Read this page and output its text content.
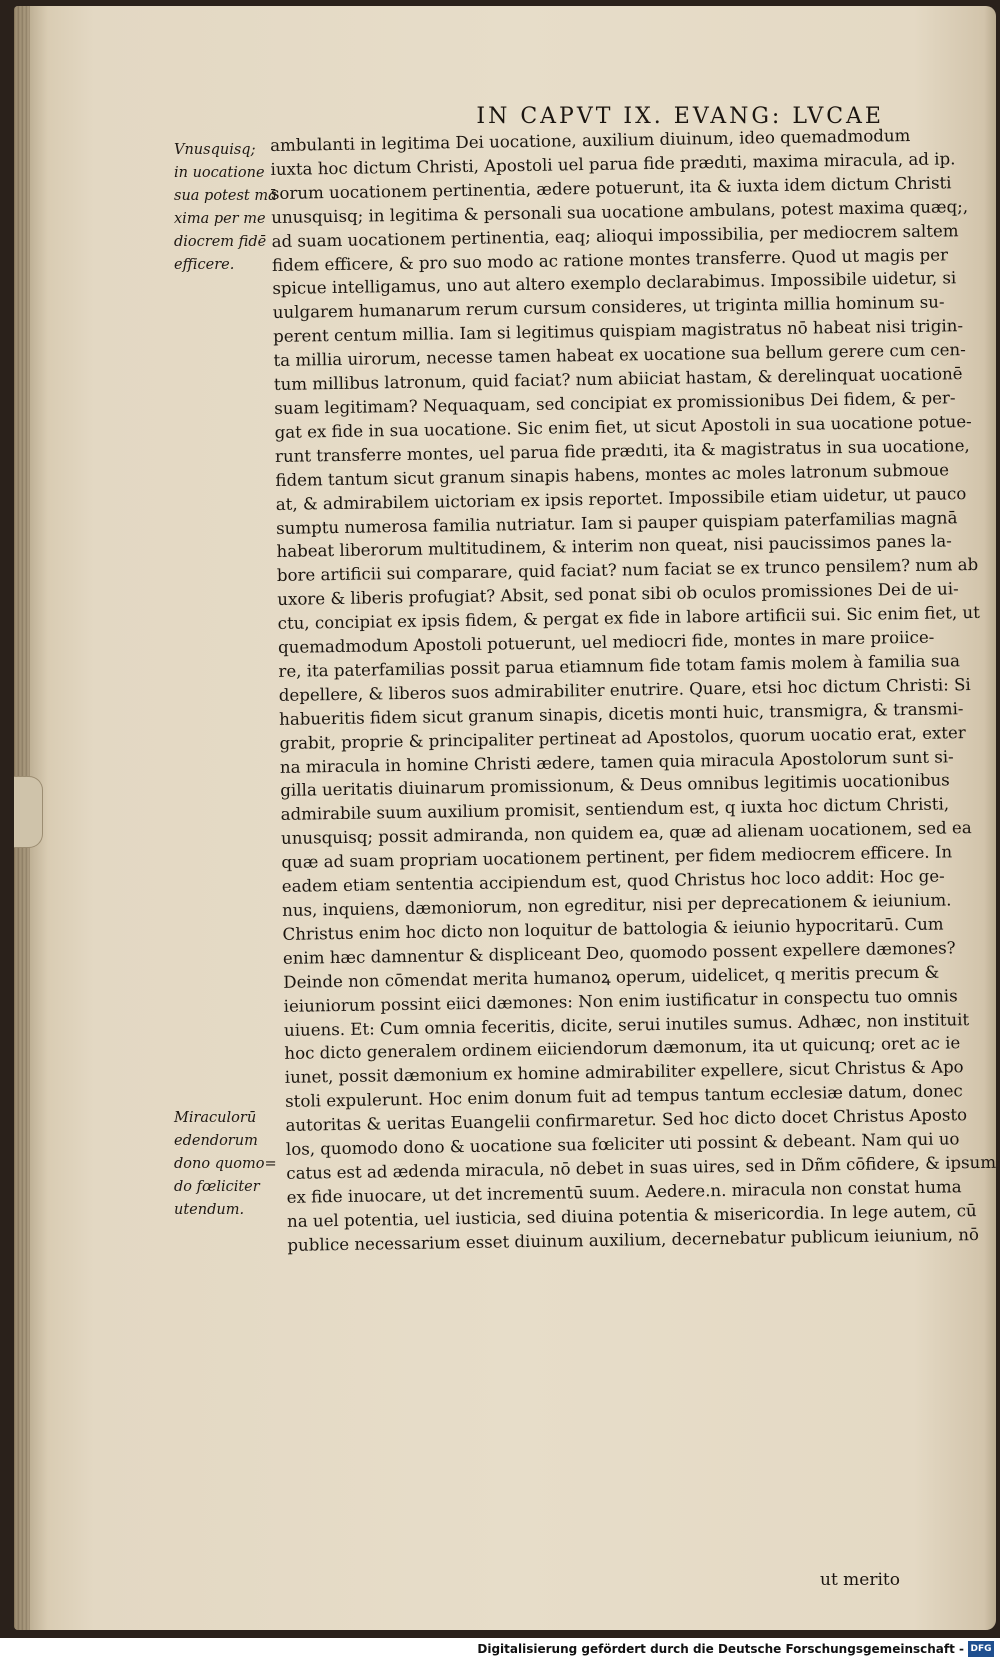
IN CAPVT IX. EVANG: LVCAE
Vnusquisq;
in uocatione
sua potest mā
xima per me
diocrem fidē
efficere.
Miraculorū
edendorum
dono quomo=
do fœliciter
utendum.
ambulanti in legitima Dei uocatione, auxilium diuinum, ideo quemadmodum
iuxta hoc dictum Christi, Apostoli uel parua fide prædıti, maxima miracula, ad ip.
sorum uocationem pertinentia, ædere potuerunt, ita & iuxta idem dictum Christi
unusquisq; in legitima & personali sua uocatione ambulans, potest maxima quæq;,
ad suam uocationem pertinentia, eaq; alioqui impossibilia, per mediocrem saltem
fidem efficere, & pro suo modo ac ratione montes transferre. Quod ut magis per
spicue intelligamus, uno aut altero exemplo declarabimus. Impossibile uidetur, si
uulgarem humanarum rerum cursum consideres, ut triginta millia hominum su-
perent centum millia. Iam si legitimus quispiam magistratus nō habeat nisi trigin-
ta millia uirorum, necesse tamen habeat ex uocatione sua bellum gerere cum cen-
tum millibus latronum, quid faciat? num abiiciat hastam, & derelinquat uocationē
suam legitimam? Nequaquam, sed concipiat ex promissionibus Dei fidem, & per-
gat ex fide in sua uocatione. Sic enim fiet, ut sicut Apostoli in sua uocatione potue-
runt transferre montes, uel parua fide prædıti, ita & magistratus in sua uocatione,
fidem tantum sicut granum sinapis habens, montes ac moles latronum submoue
at, & admirabilem uictoriam ex ipsis reportet. Impossibile etiam uidetur, ut pauco
sumptu numerosa familia nutriatur. Iam si pauper quispiam paterfamilias magnā
habeat liberorum multitudinem, & interim non queat, nisi paucissimos panes la-
bore artificii sui comparare, quid faciat? num faciat se ex trunco pensilem? num ab
uxore & liberis profugiat? Absit, sed ponat sibi ob oculos promissiones Dei de ui-
ctu, concipiat ex ipsis fidem, & pergat ex fide in labore artificii sui. Sic enim fiet, ut
quemadmodum Apostoli potuerunt, uel mediocri fide, montes in mare proiice-
re, ita paterfamilias possit parua etiamnum fide totam famis molem à familia sua
depellere, & liberos suos admirabiliter enutrire. Quare, etsi hoc dictum Christi: Si
habueritis fidem sicut granum sinapis, dicetis monti huic, transmigra, & transmi-
grabit, proprie & principaliter pertineat ad Apostolos, quorum uocatio erat, exter
na miracula in homine Christi ædere, tamen quia miracula Apostolorum sunt si-
gilla ueritatis diuinarum promissionum, & Deus omnibus legitimis uocationibus
admirabile suum auxilium promisit, sentiendum est, q iuxta hoc dictum Christi,
unusquisq; possit admiranda, non quidem ea, quæ ad alienam uocationem, sed ea
quæ ad suam propriam uocationem pertinent, per fidem mediocrem efficere. In
eadem etiam sententia accipiendum est, quod Christus hoc loco addit: Hoc ge-
nus, inquiens, dæmoniorum, non egreditur, nisi per deprecationem & ieiunium.
Christus enim hoc dicto non loquitur de battologia & ieiunio hypocritarū. Cum
enim hæc damnentur & displiceant Deo, quomodo possent expellere dæmones?
Deinde non cōmendat merita humanoꝝ operum, uidelicet, q meritis precum &
ieiuniorum possint eiici dæmones: Non enim iustificatur in conspectu tuo omnis
uiuens. Et: Cum omnia feceritis, dicite, serui inutiles sumus. Adhæc, non instituit
hoc dicto generalem ordinem eiiciendorum dæmonum, ita ut quicunq; oret ac ie
iunet, possit dæmonium ex homine admirabiliter expellere, sicut Christus & Apo
stoli expulerunt. Hoc enim donum fuit ad tempus tantum ecclesiæ datum, donec
autoritas & ueritas Euangelii confirmaretur. Sed hoc dicto docet Christus Aposto
los, quomodo dono & uocatione sua fœliciter uti possint & debeant. Nam qui uo
catus est ad ædenda miracula, nō debet in suas uires, sed in Dñm cōfidere, & ipsum
ex fide inuocare, ut det incrementū suum. Aedere.n. miracula non constat huma
na uel potentia, uel iusticia, sed diuina potentia & misericordia. In lege autem, cū
publice necessarium esset diuinum auxilium, decernebatur publicum ieiunium, nō
ut merito
Digitalisierung gefördert durch die Deutsche Forschungsgemeinschaft - DFG
